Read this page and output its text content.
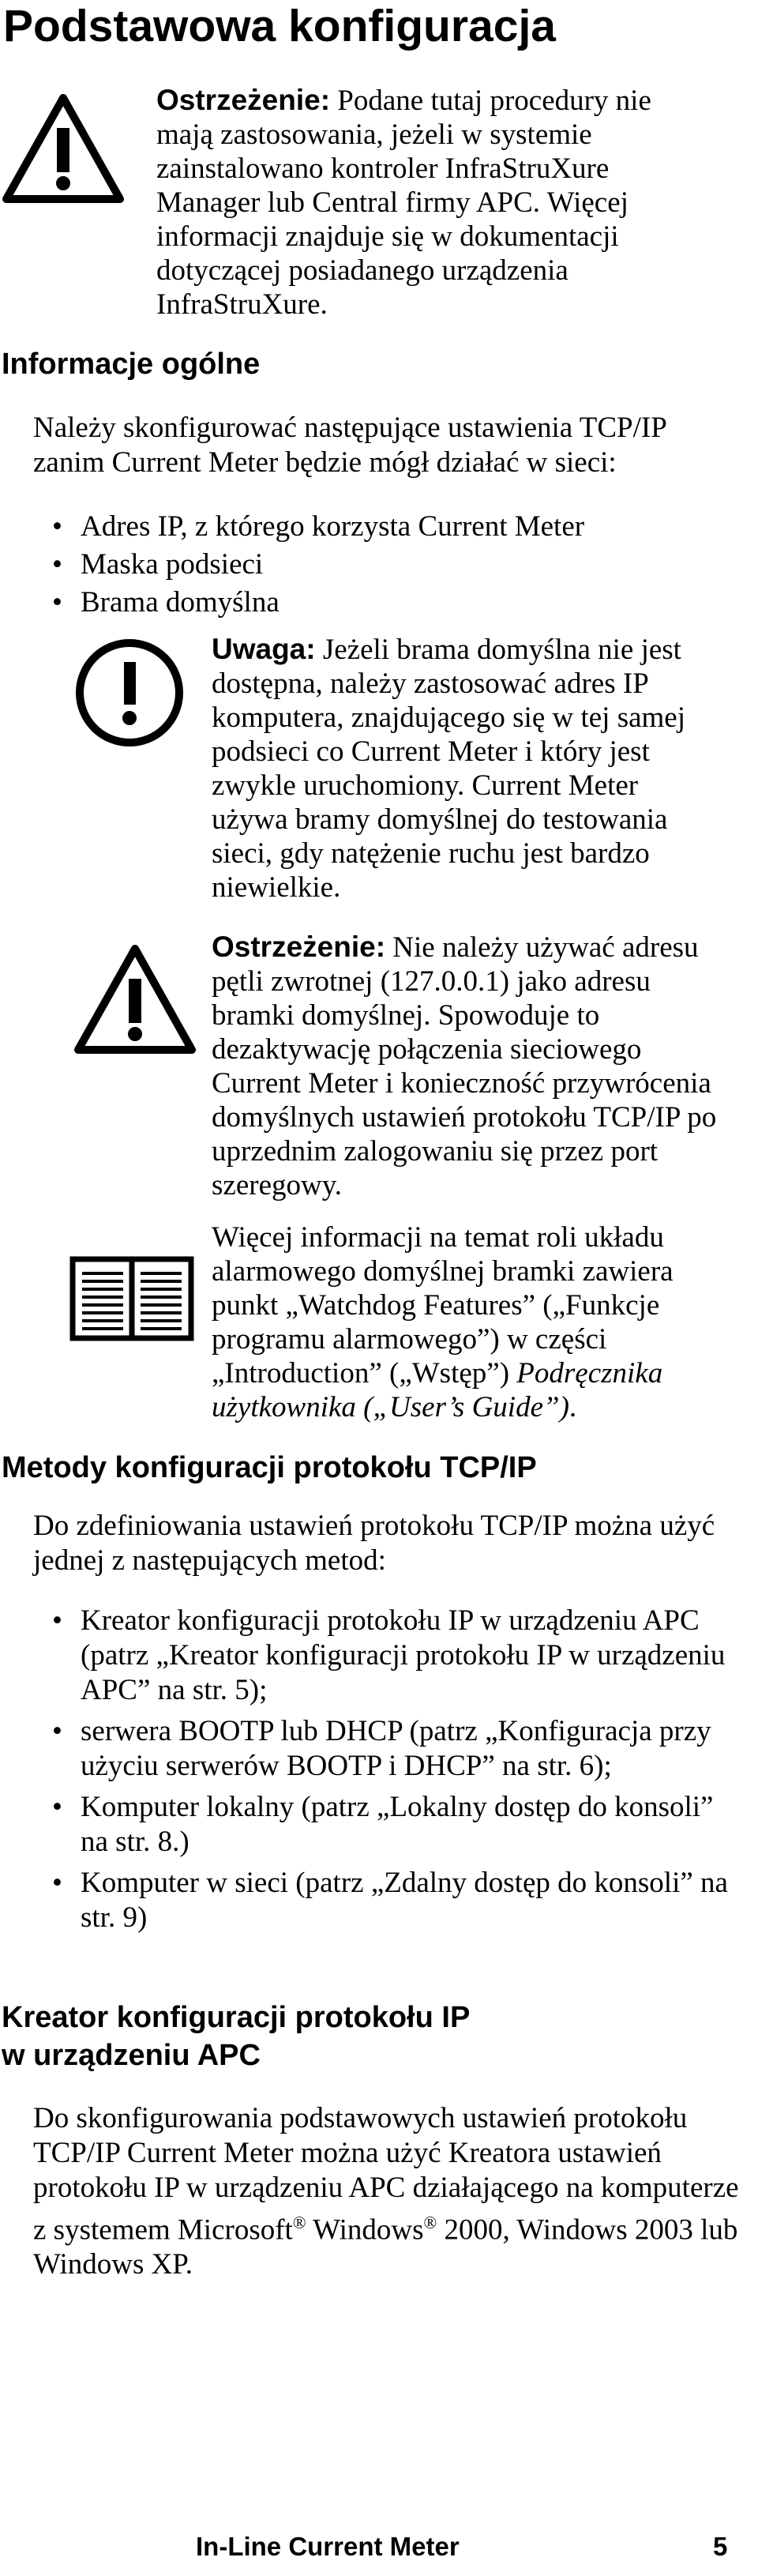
Podstawowa konfiguracja
Ostrzeżenie: Podane tutaj procedury nie mają zastosowania, jeżeli w systemie zainstalowano kontroler InfraStruXure Manager lub Central firmy APC. Więcej informacji znajduje się w dokumentacji dotyczącej posiadanego urządzenia InfraStruXure.
Informacje ogólne
Należy skonfigurować następujące ustawienia TCP/IP zanim Current Meter będzie mógł działać w sieci:
• Adres IP, z którego korzysta Current Meter
• Maska podsieci
• Brama domyślna
Uwaga: Jeżeli brama domyślna nie jest dostępna, należy zastosować adres IP komputera, znajdującego się w tej samej podsieci co Current Meter i który jest zwykle uruchomiony. Current Meter używa bramy domyślnej do testowania sieci, gdy natężenie ruchu jest bardzo niewielkie.
Ostrzeżenie: Nie należy używać adresu pętli zwrotnej (127.0.0.1) jako adresu bramki domyślnej. Spowoduje to dezaktywację połączenia sieciowego Current Meter i konieczność przywrócenia domyślnych ustawień protokołu TCP/IP po uprzednim zalogowaniu się przez port szeregowy.
Więcej informacji na temat roli układu alarmowego domyślnej bramki zawiera punkt „Watchdog Features” („Funkcje programu alarmowego”) w części „Introduction” („Wstęp”) Podręcznika użytkownika („User’s Guide”).
Metody konfiguracji protokołu TCP/IP
Do zdefiniowania ustawień protokołu TCP/IP można użyć jednej z następujących metod:
• Kreator konfiguracji protokołu IP w urządzeniu APC (patrz „Kreator konfiguracji protokołu IP w urządzeniu APC” na str. 5);
• serwera BOOTP lub DHCP (patrz „Konfiguracja przy użyciu serwerów BOOTP i DHCP” na str. 6);
• Komputer lokalny (patrz „Lokalny dostęp do konsoli” na str. 8.)
• Komputer w sieci (patrz „Zdalny dostęp do konsoli” na str. 9)
Kreator konfiguracji protokołu IP
w urządzeniu APC
Do skonfigurowania podstawowych ustawień protokołu TCP/IP Current Meter można użyć Kreatora ustawień protokołu IP w urządzeniu APC działającego na komputerze z systemem Microsoft® Windows® 2000, Windows 2003 lub Windows XP.
In-Line Current Meter	5
